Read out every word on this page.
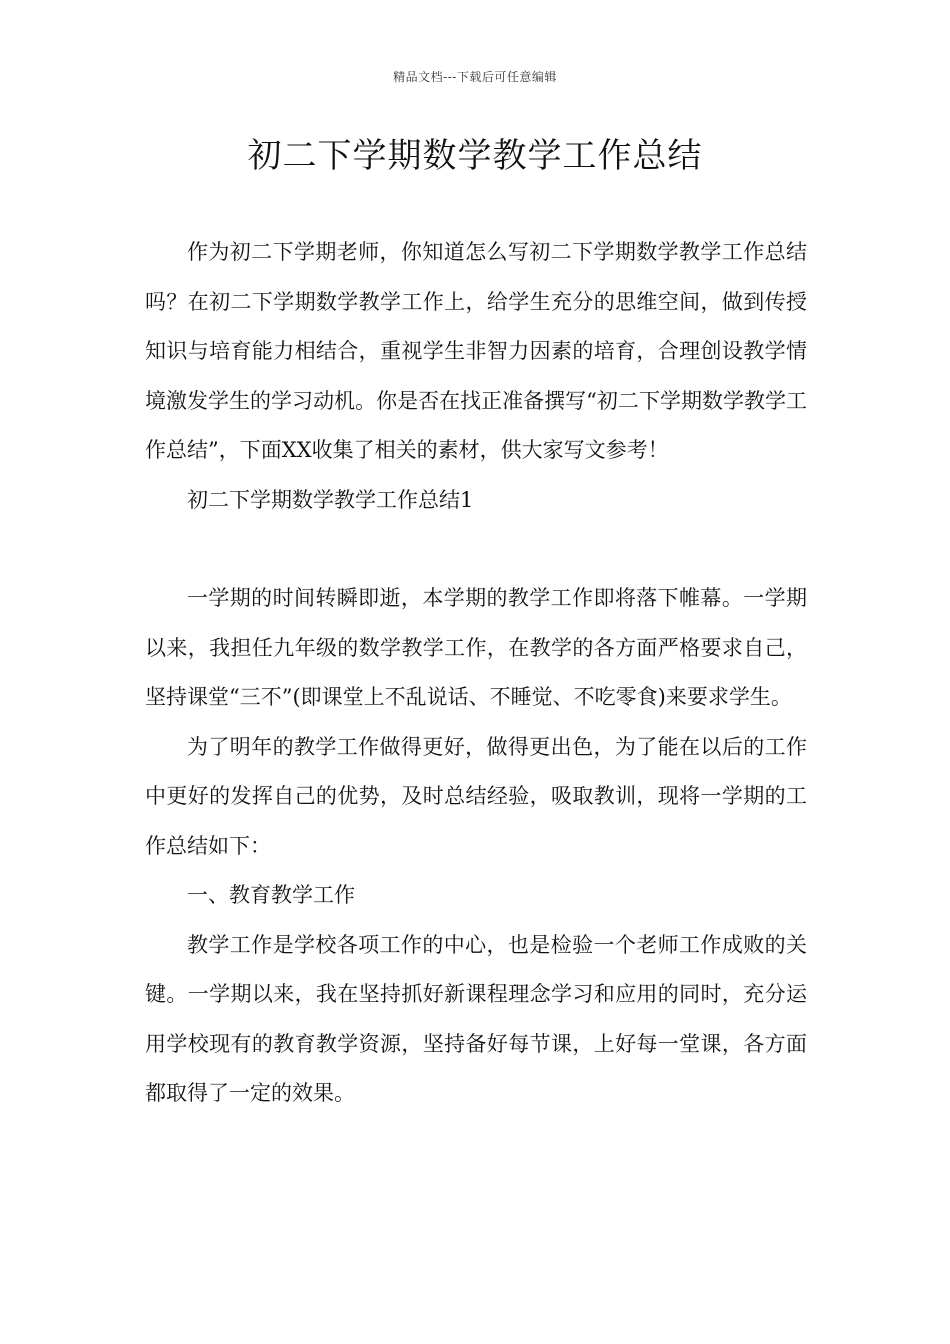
精品文档---下载后可任意编辑
初二下学期数学教学工作总结

作为初二下学期老师，你知道怎么写初二下学期数学教学工作总结吗？在初二下学期数学教学工作上，给学生充分的思维空间，做到传授知识与培育能力相结合，重视学生非智力因素的培育，合理创设教学情境激发学生的学习动机。你是否在找正准备撰写“初二下学期数学教学工作总结”，下面XX收集了相关的素材，供大家写文参考！

初二下学期数学教学工作总结1

一学期的时间转瞬即逝，本学期的教学工作即将落下帷幕。一学期以来，我担任九年级的数学教学工作，在教学的各方面严格要求自己，坚持课堂“三不”(即课堂上不乱说话、不睡觉、不吃零食)来要求学生。

为了明年的教学工作做得更好，做得更出色，为了能在以后的工作中更好的发挥自己的优势，及时总结经验，吸取教训，现将一学期的工作总结如下：

一、教育教学工作

教学工作是学校各项工作的中心，也是检验一个老师工作成败的关键。一学期以来，我在坚持抓好新课程理念学习和应用的同时，充分运用学校现有的教育教学资源，坚持备好每节课，上好每一堂课，各方面都取得了一定的效果。
